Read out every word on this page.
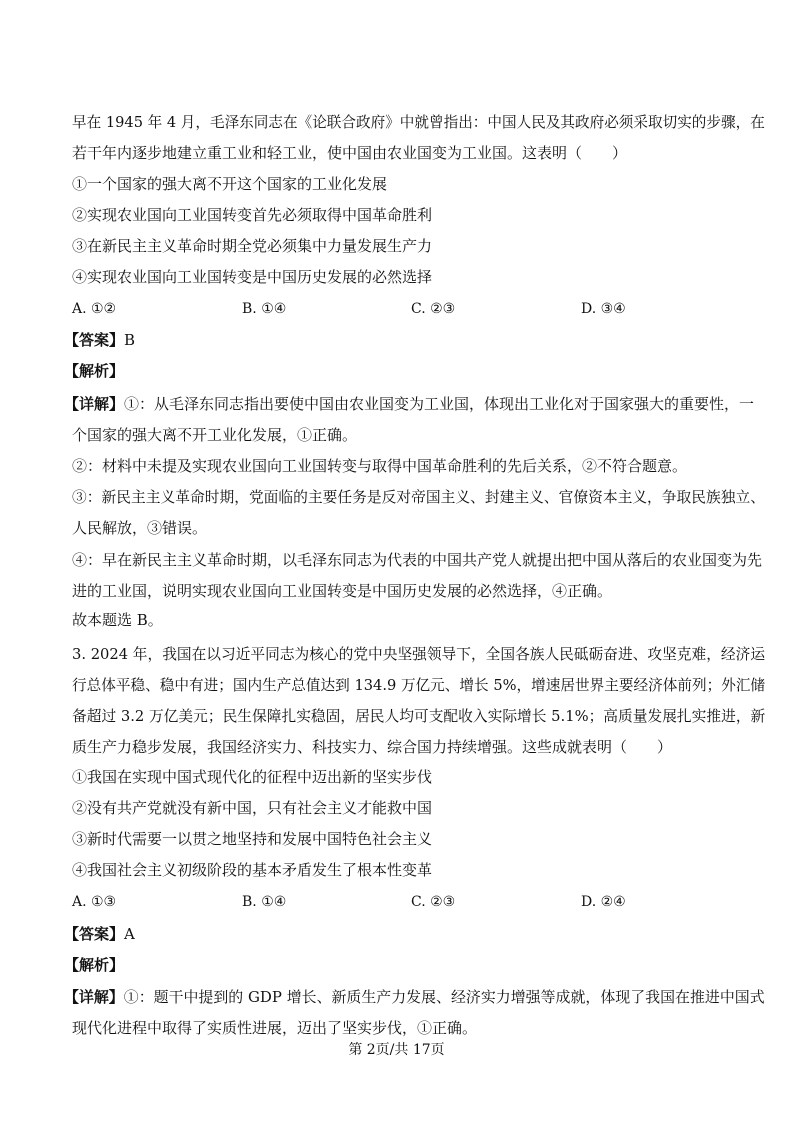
早在 1945 年 4 月，毛泽东同志在《论联合政府》中就曾指出：中国人民及其政府必须采取切实的步骤，在
若干年内逐步地建立重工业和轻工业，使中国由农业国变为工业国。这表明（　　）
①一个国家的强大离不开这个国家的工业化发展
②实现农业国向工业国转变首先必须取得中国革命胜利
③在新民主主义革命时期全党必须集中力量发展生产力
④实现农业国向工业国转变是中国历史发展的必然选择
A. ①②	B. ①④	C. ②③	D. ③④
【答案】B
【解析】
【详解】①：从毛泽东同志指出要使中国由农业国变为工业国，体现出工业化对于国家强大的重要性，一
个国家的强大离不开工业化发展，①正确。
②：材料中未提及实现农业国向工业国转变与取得中国革命胜利的先后关系，②不符合题意。
③：新民主主义革命时期，党面临的主要任务是反对帝国主义、封建主义、官僚资本主义，争取民族独立、
人民解放，③错误。
④：早在新民主主义革命时期，以毛泽东同志为代表的中国共产党人就提出把中国从落后的农业国变为先
进的工业国，说明实现农业国向工业国转变是中国历史发展的必然选择，④正确。
故本题选 B。
3. 2024 年，我国在以习近平同志为核心的党中央坚强领导下，全国各族人民砥砺奋进、攻坚克难，经济运
行总体平稳、稳中有进；国内生产总值达到 134.9 万亿元、增长 5%，增速居世界主要经济体前列；外汇储
备超过 3.2 万亿美元；民生保障扎实稳固，居民人均可支配收入实际增长 5.1%；高质量发展扎实推进，新
质生产力稳步发展，我国经济实力、科技实力、综合国力持续增强。这些成就表明（　　）
①我国在实现中国式现代化的征程中迈出新的坚实步伐
②没有共产党就没有新中国，只有社会主义才能救中国
③新时代需要一以贯之地坚持和发展中国特色社会主义
④我国社会主义初级阶段的基本矛盾发生了根本性变革
A. ①③	B. ①④	C. ②③	D. ②④
【答案】A
【解析】
【详解】①：题干中提到的 GDP 增长、新质生产力发展、经济实力增强等成就，体现了我国在推进中国式
现代化进程中取得了实质性进展，迈出了坚实步伐，①正确。
第 2页/共 17页
